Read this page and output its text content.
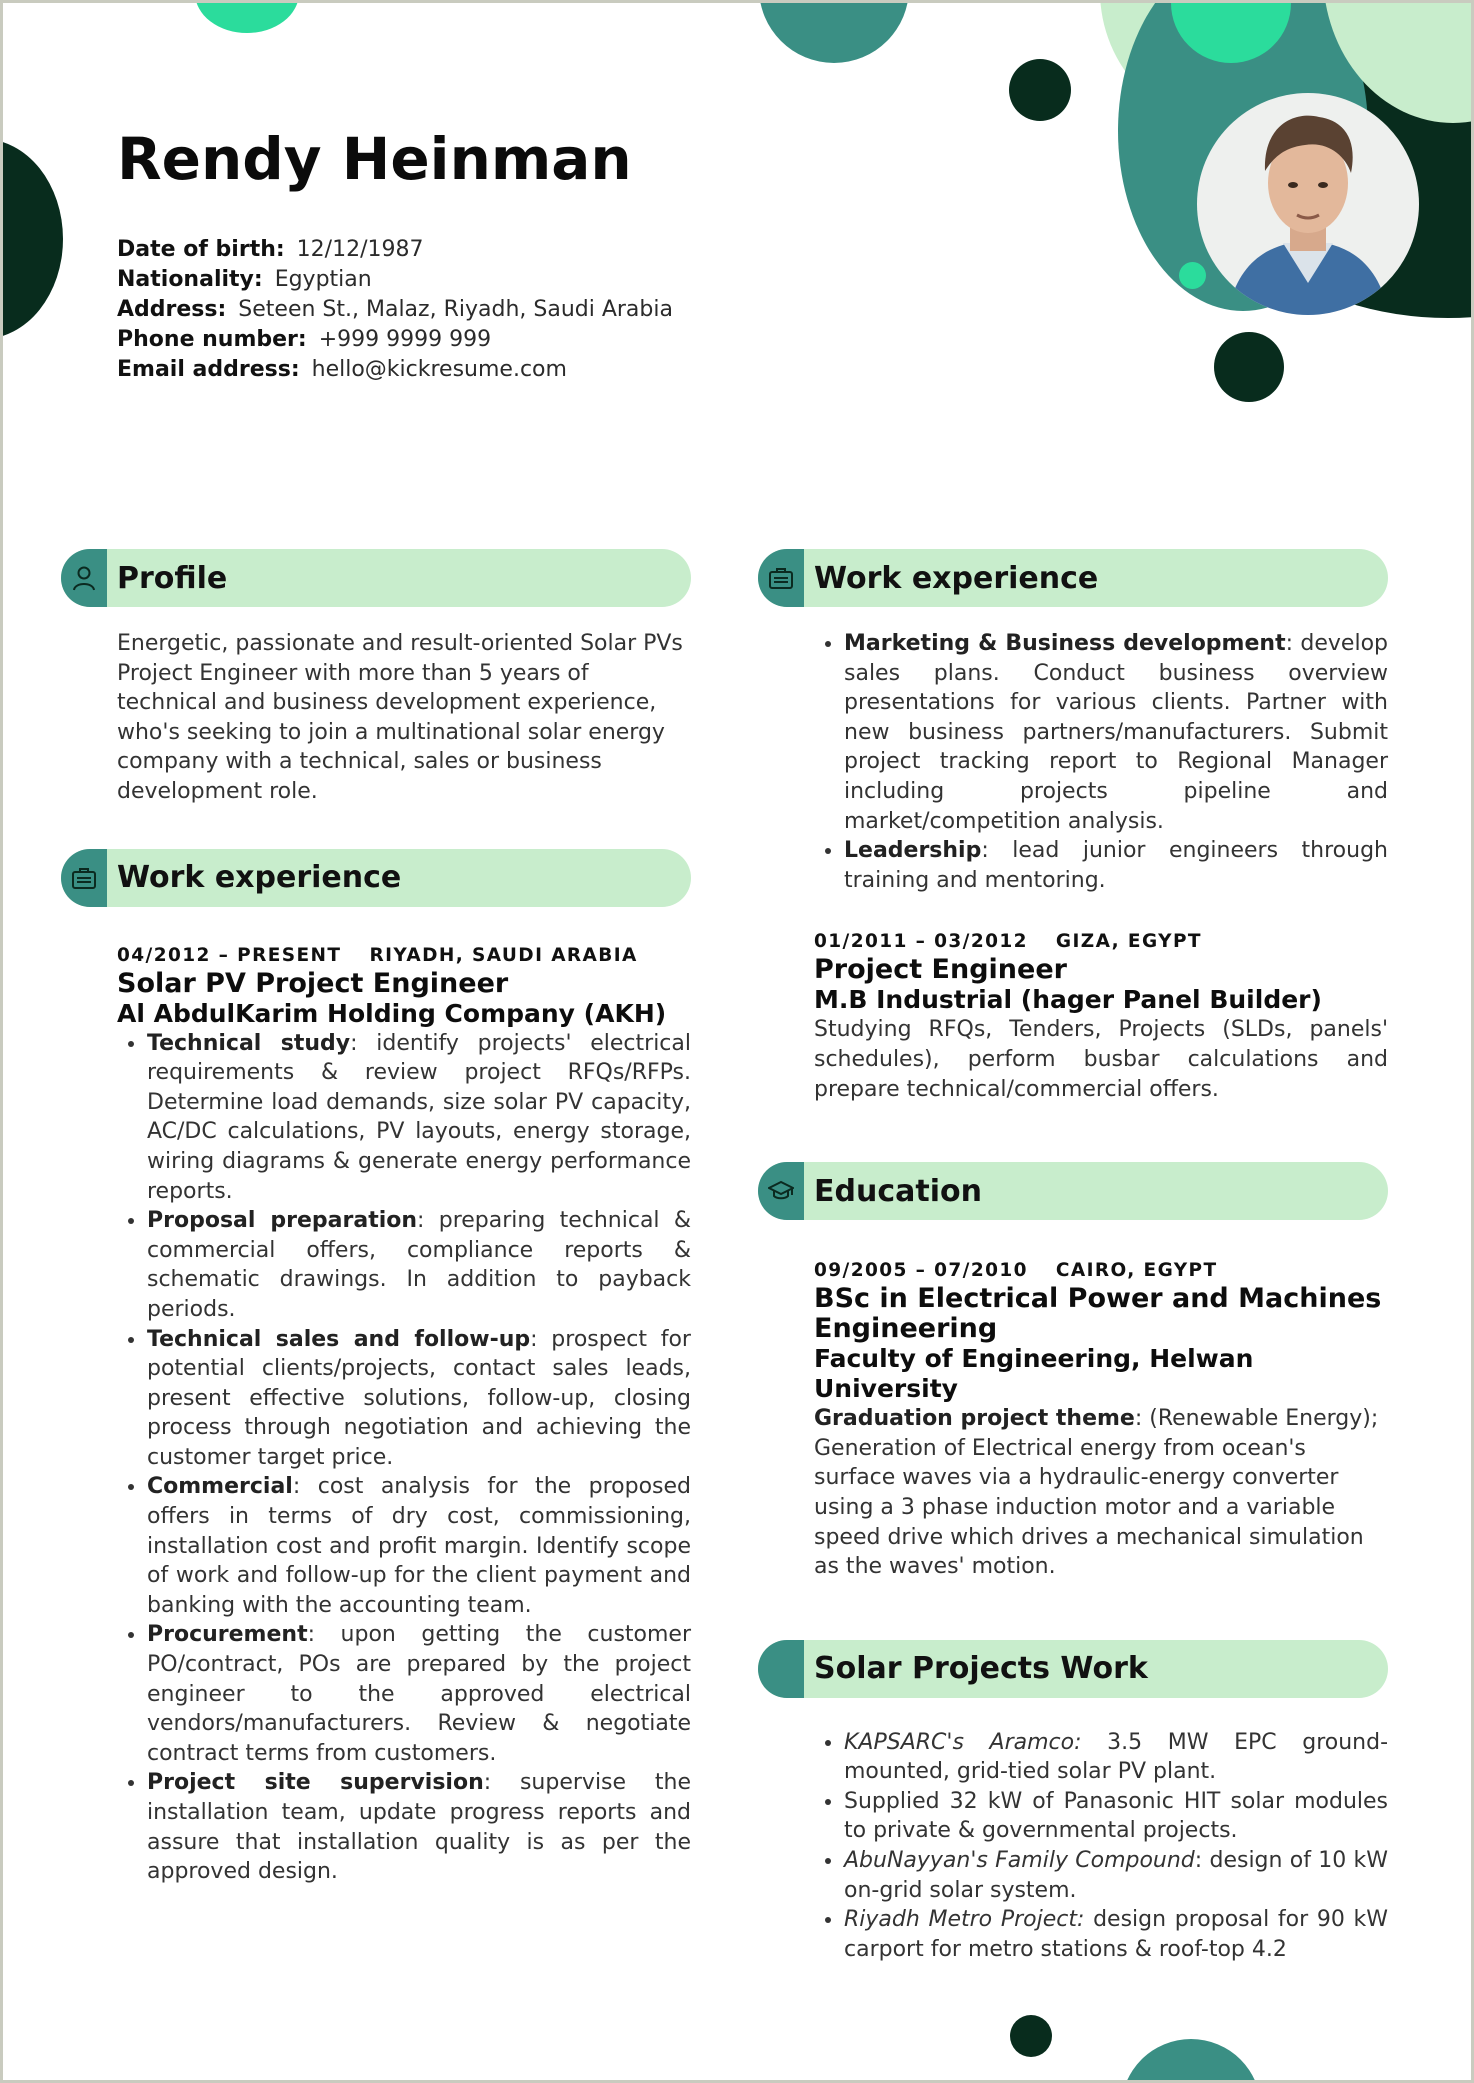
Rendy Heinman
Date of birth: 12/12/1987
Nationality: Egyptian
Address: Seteen St., Malaz, Riyadh, Saudi Arabia
Phone number: +999 9999 999
Email address: hello@kickresume.com
Profile
Energetic, passionate and result-oriented Solar PVs Project Engineer with more than 5 years of technical and business development experience, who's seeking to join a multinational solar energy company with a technical, sales or business development role.
Work experience
04/2012 – PRESENT RIYADH, SAUDI ARABIA
Solar PV Project Engineer
Al AbdulKarim Holding Company (AKH)
• Technical study: identify projects' electrical requirements & review project RFQs/RFPs. Determine load demands, size solar PV capacity, AC/DC calculations, PV layouts, energy storage, wiring diagrams & generate energy performance reports.
• Proposal preparation: preparing technical & commercial offers, compliance reports & schematic drawings. In addition to payback periods.
• Technical sales and follow-up: prospect for potential clients/projects, contact sales leads, present effective solutions, follow-up, closing process through negotiation and achieving the customer target price.
• Commercial: cost analysis for the proposed offers in terms of dry cost, commissioning, installation cost and profit margin. Identify scope of work and follow-up for the client payment and banking with the accounting team.
• Procurement: upon getting the customer PO/contract, POs are prepared by the project engineer to the approved electrical vendors/manufacturers. Review & negotiate contract terms from customers.
• Project site supervision: supervise the installation team, update progress reports and assure that installation quality is as per the approved design.
Work experience
• Marketing & Business development: develop sales plans. Conduct business overview presentations for various clients. Partner with new business partners/manufacturers. Submit project tracking report to Regional Manager including projects pipeline and market/competition analysis.
• Leadership: lead junior engineers through training and mentoring.
01/2011 – 03/2012 GIZA, EGYPT
Project Engineer
M.B Industrial (hager Panel Builder)
Studying RFQs, Tenders, Projects (SLDs, panels' schedules), perform busbar calculations and prepare technical/commercial offers.
Education
09/2005 – 07/2010 CAIRO, EGYPT
BSc in Electrical Power and Machines Engineering
Faculty of Engineering, Helwan University
Graduation project theme: (Renewable Energy); Generation of Electrical energy from ocean's surface waves via a hydraulic-energy converter using a 3 phase induction motor and a variable speed drive which drives a mechanical simulation as the waves' motion.
Solar Projects Work
• KAPSARC's Aramco: 3.5 MW EPC ground-mounted, grid-tied solar PV plant.
• Supplied 32 kW of Panasonic HIT solar modules to private & governmental projects.
• AbuNayyan's Family Compound: design of 10 kW on-grid solar system.
• Riyadh Metro Project: design proposal for 90 kW carport for metro stations & roof-top 4.2
